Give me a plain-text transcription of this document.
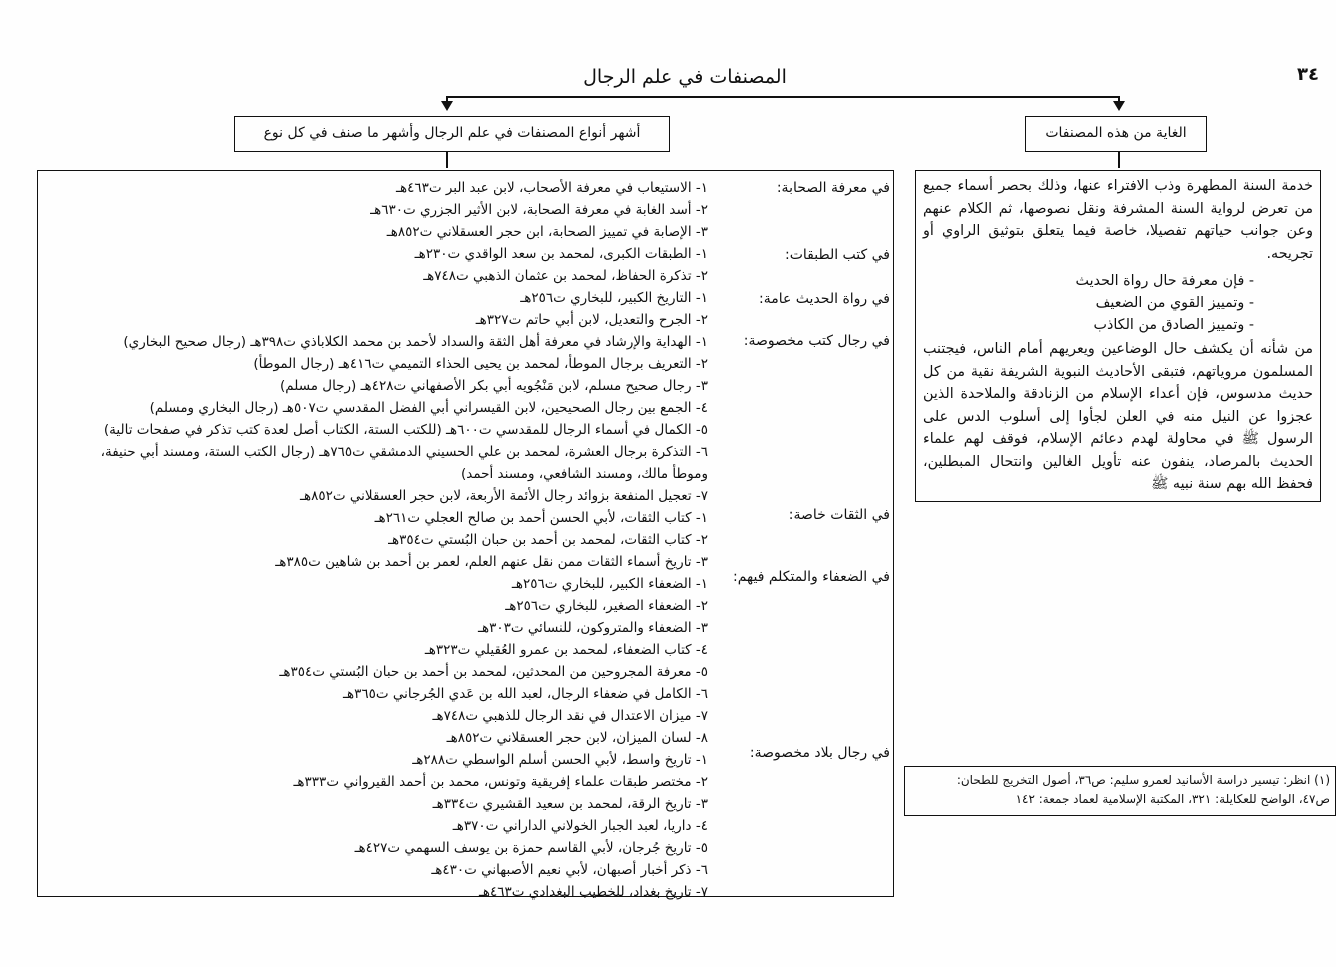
٣٤
المصنفات في علم الرجال
أشهر أنواع المصنفات في علم الرجال وأشهر ما صنف في كل نوع	الغاية من هذه المصنفات
في معرفة الصحابة:
في كتب الطبقات:
في رواة الحديث عامة:
في رجال كتب مخصوصة:
في الثقات خاصة:
في الضعفاء والمتكلم فيهم:
في رجال بلاد مخصوصة:
١- الاستيعاب في معرفة الأصحاب، لابن عبد البر ت٤٦٣هـ
٢- أسد الغابة في معرفة الصحابة، لابن الأثير الجزري ت٦٣٠هـ
٣- الإصابة في تمييز الصحابة، ابن حجر العسقلاني ت٨٥٢هـ
١- الطبقات الكبرى، لمحمد بن سعد الواقدي ت٢٣٠هـ
٢- تذكرة الحفاظ، لمحمد بن عثمان الذهبي ت٧٤٨هـ
١- التاريخ الكبير، للبخاري ت٢٥٦هـ
٢- الجرح والتعديل، لابن أبي حاتم ت٣٢٧هـ
١- الهداية والإرشاد في معرفة أهل الثقة والسداد لأحمد بن محمد الكلاباذي ت٣٩٨هـ (رجال صحيح البخاري)
٢- التعريف برجال الموطأ، لمحمد بن يحيى الحذاء التميمي ت٤١٦هـ (رجال الموطأ)
٣- رجال صحيح مسلم، لابن مَنْجُويه أبي بكر الأصفهاني ت٤٢٨هـ (رجال مسلم)
٤- الجمع بين رجال الصحيحين، لابن القيسراني أبي الفضل المقدسي ت٥٠٧هـ (رجال البخاري ومسلم)
٥- الكمال في أسماء الرجال للمقدسي ت٦٠٠هـ (للكتب الستة، الكتاب أصل لعدة كتب تذكر في صفحات تالية)
٦- التذكرة برجال العشرة، لمحمد بن علي الحسيني الدمشقي ت٧٦٥هـ (رجال الكتب الستة، ومسند أبي حنيفة،
وموطأ مالك، ومسند الشافعي، ومسند أحمد)
٧- تعجيل المنفعة بزوائد رجال الأئمة الأربعة، لابن حجر العسقلاني ت٨٥٢هـ
١- كتاب الثقات، لأبي الحسن أحمد بن صالح العجلي ت٢٦١هـ
٢- كتاب الثقات، لمحمد بن أحمد بن حبان البُستي ت٣٥٤هـ
٣- تاريخ أسماء الثقات ممن نقل عنهم العلم، لعمر بن أحمد بن شاهين ت٣٨٥هـ
١- الضعفاء الكبير، للبخاري ت٢٥٦هـ
٢- الضعفاء الصغير، للبخاري ت٢٥٦هـ
٣- الضعفاء والمتروكون، للنسائي ت٣٠٣هـ
٤- كتاب الضعفاء، لمحمد بن عمرو العُقيلي ت٣٢٣هـ
٥- معرفة المجروحين من المحدثين، لمحمد بن أحمد بن حبان البُستي ت٣٥٤هـ
٦- الكامل في ضعفاء الرجال، لعبد الله بن عَدي الجُرجاني ت٣٦٥هـ
٧- ميزان الاعتدال في نقد الرجال للذهبي ت٧٤٨هـ
٨- لسان الميزان، لابن حجر العسقلاني ت٨٥٢هـ
١- تاريخ واسط، لأبي الحسن أسلم الواسطي ت٢٨٨هـ
٢- مختصر طبقات علماء إفريقية وتونس، محمد بن أحمد القيرواني ت٣٣٣هـ
٣- تاريخ الرقة، لمحمد بن سعيد القشيري ت٣٣٤هـ
٤- داريا، لعبد الجبار الخولاني الداراني ت٣٧٠هـ
٥- تاريخ جُرجان، لأبي القاسم حمزة بن يوسف السهمي ت٤٢٧هـ
٦- ذكر أخبار أصبهان، لأبي نعيم الأصبهاني ت٤٣٠هـ
٧- تاريخ بغداد، للخطيب البغدادي ت٤٦٣هـ
خدمة السنة المطهرة وذب الافتراء عنها، وذلك بحصر أسماء جميع من تعرض لرواية السنة المشرفة ونقل نصوصها، ثم الكلام عنهم وعن جوانب حياتهم تفصيلا، خاصة فيما يتعلق بتوثيق الراوي أو تجريحه.
- فإن معرفة حال رواة الحديث
- وتمييز القوي من الضعيف
- وتمييز الصادق من الكاذب
من شأنه أن يكشف حال الوضاعين ويعريهم أمام الناس، فيجتنب المسلمون مروياتهم، فتبقى الأحاديث النبوية الشريفة نقية من كل حديث مدسوس، فإن أعداء الإسلام من الزنادقة والملاحدة الذين عجزوا عن النيل منه في العلن لجأوا إلى أسلوب الدس على الرسول ﷺ في محاولة لهدم دعائم الإسلام، فوقف لهم علماء الحديث بالمرصاد، ينفون عنه تأويل الغالين وانتحال المبطلين، فحفظ الله بهم سنة نبيه ﷺ
(١) انظر: تيسير دراسة الأسانيد لعمرو سليم: ص٣٦، أصول التخريج للطحان:
ص٤٧، الواضح للعكايلة: ٣٢١، المكتبة الإسلامية لعماد جمعة: ١٤٢
